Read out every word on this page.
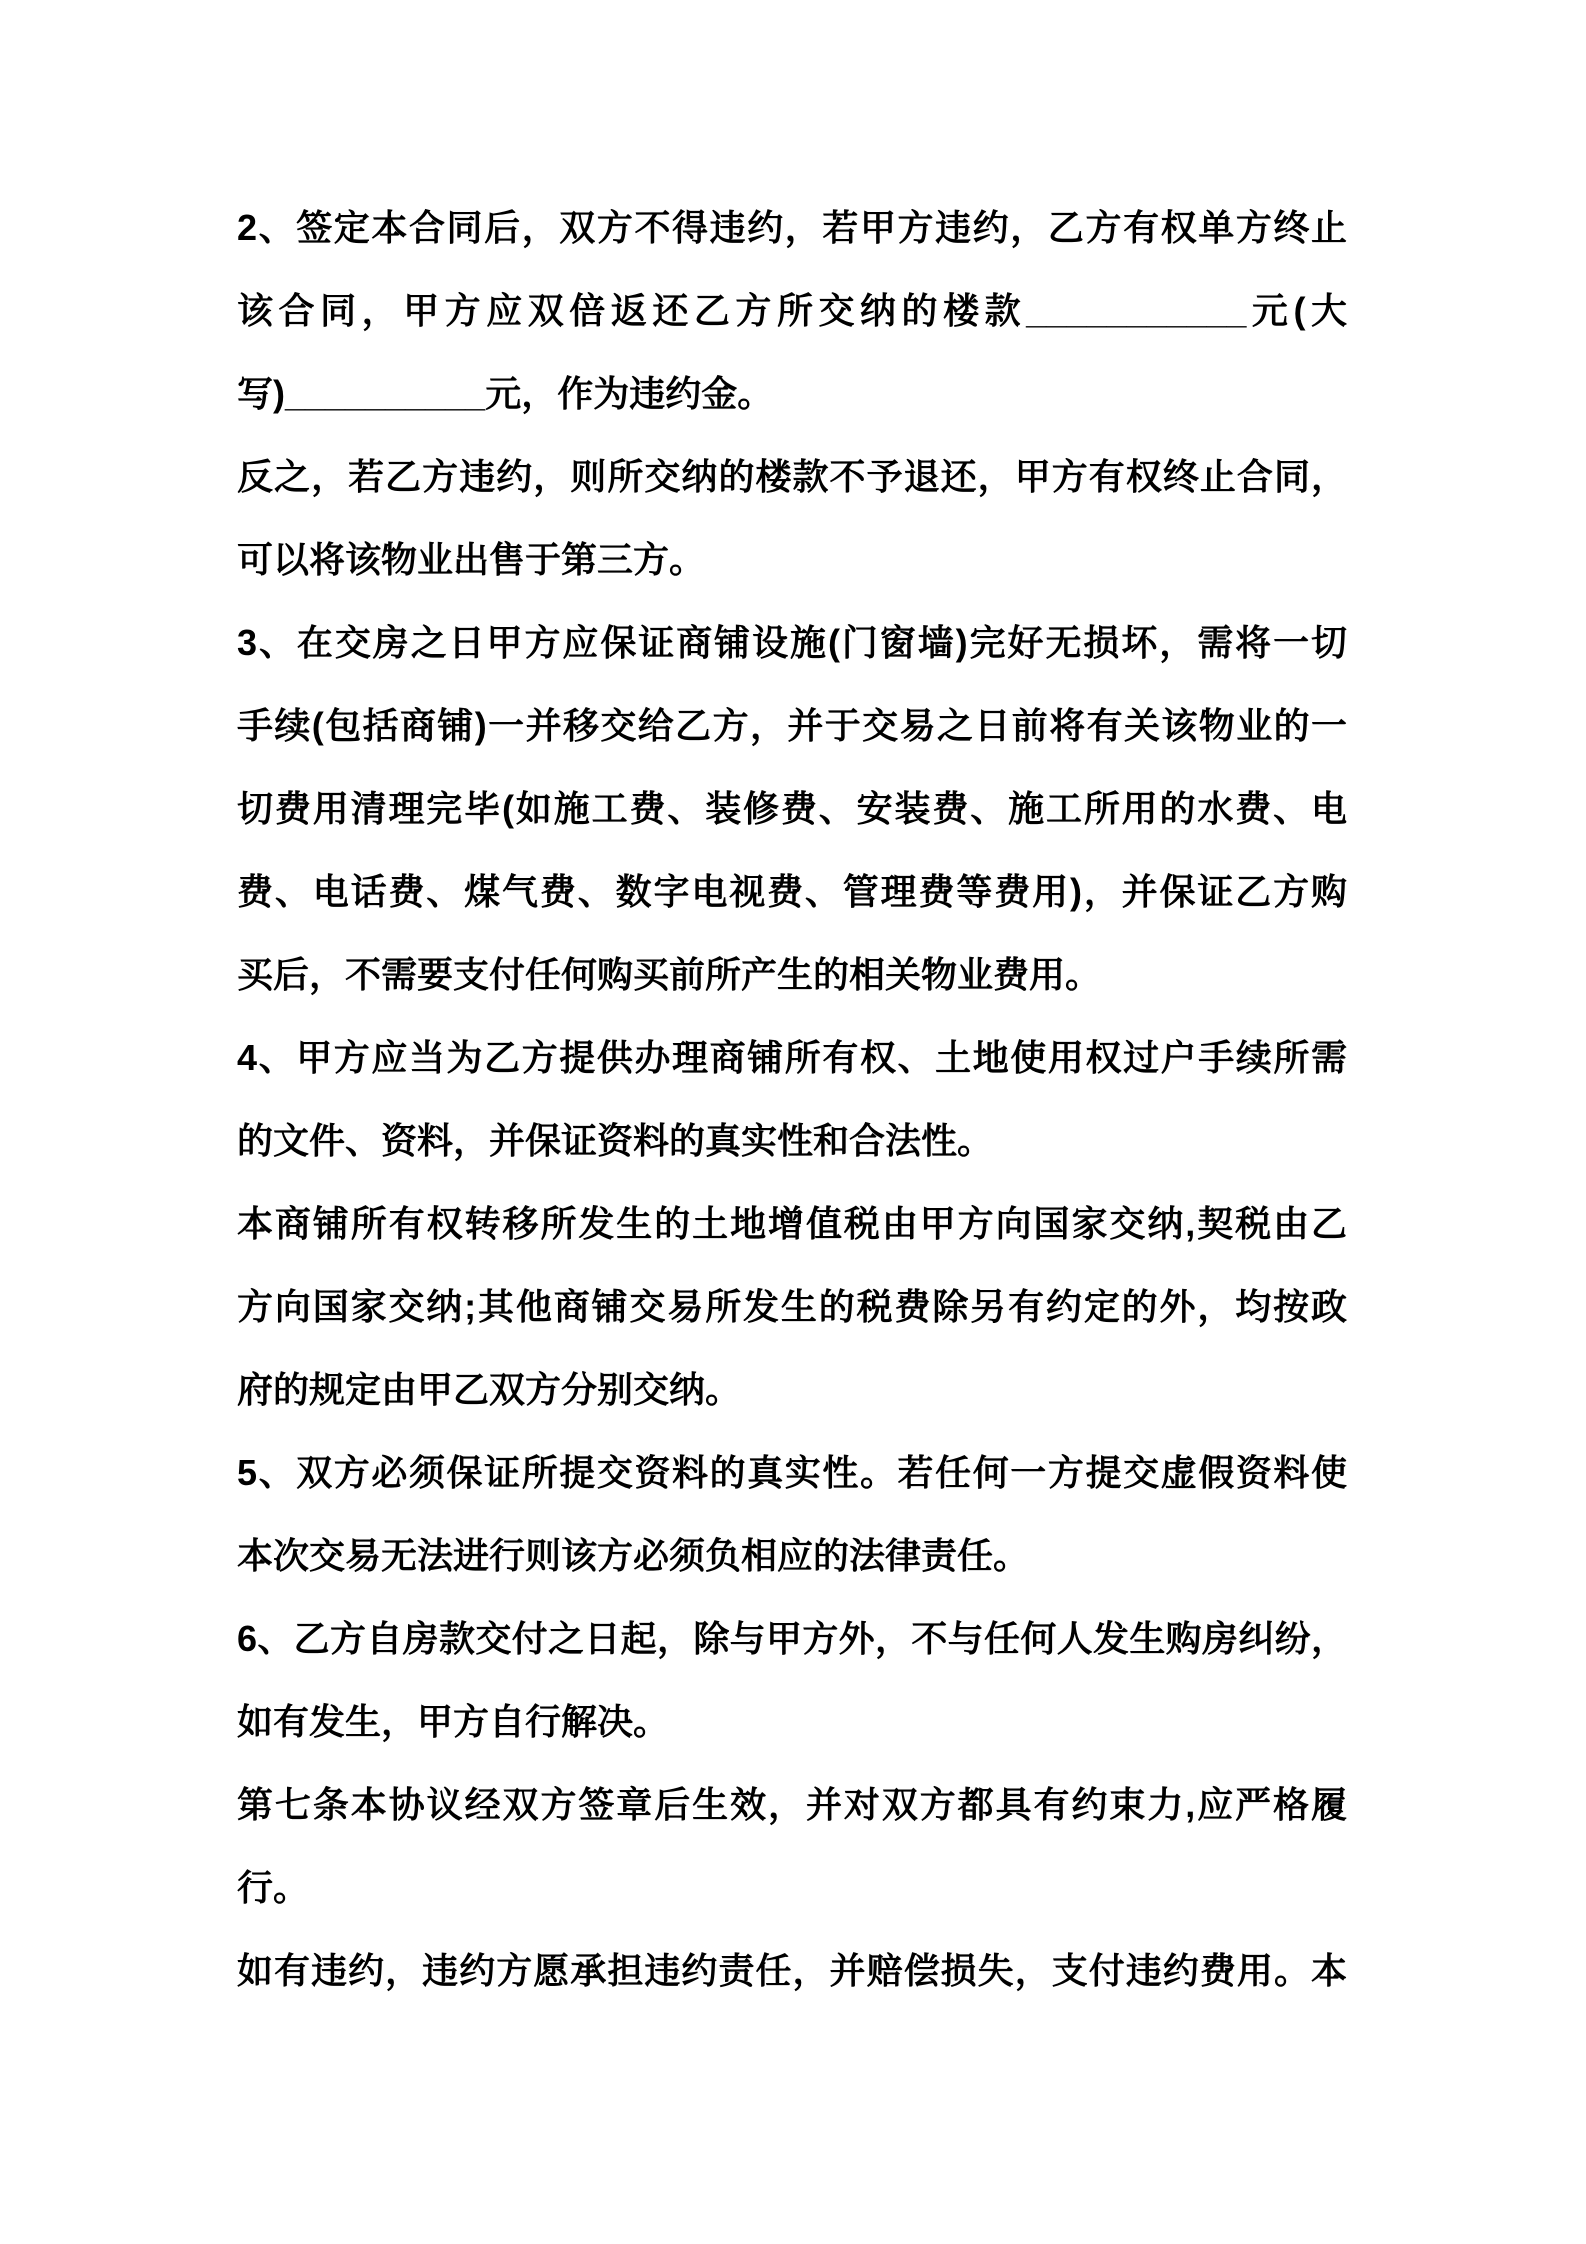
2、签定本合同后，双方不得违约，若甲方违约，乙方有权单方终止
该合同，甲方应双倍返还乙方所交纳的楼款___________元(大
写)__________元，作为违约金。
反之，若乙方违约，则所交纳的楼款不予退还，甲方有权终止合同，
可以将该物业出售于第三方。
3、在交房之日甲方应保证商铺设施(门窗墙)完好无损坏，需将一切
手续(包括商铺)一并移交给乙方，并于交易之日前将有关该物业的一
切费用清理完毕(如施工费、装修费、安装费、施工所用的水费、电
费、电话费、煤气费、数字电视费、管理费等费用)，并保证乙方购
买后，不需要支付任何购买前所产生的相关物业费用。
4、甲方应当为乙方提供办理商铺所有权、土地使用权过户手续所需
的文件、资料，并保证资料的真实性和合法性。
本商铺所有权转移所发生的土地增值税由甲方向国家交纳,契税由乙
方向国家交纳;其他商铺交易所发生的税费除另有约定的外，均按政
府的规定由甲乙双方分别交纳。
5、双方必须保证所提交资料的真实性。若任何一方提交虚假资料使
本次交易无法进行则该方必须负相应的法律责任。
6、乙方自房款交付之日起，除与甲方外，不与任何人发生购房纠纷，
如有发生，甲方自行解决。
第七条本协议经双方签章后生效，并对双方都具有约束力,应严格履
行。
如有违约，违约方愿承担违约责任，并赔偿损失，支付违约费用。本
